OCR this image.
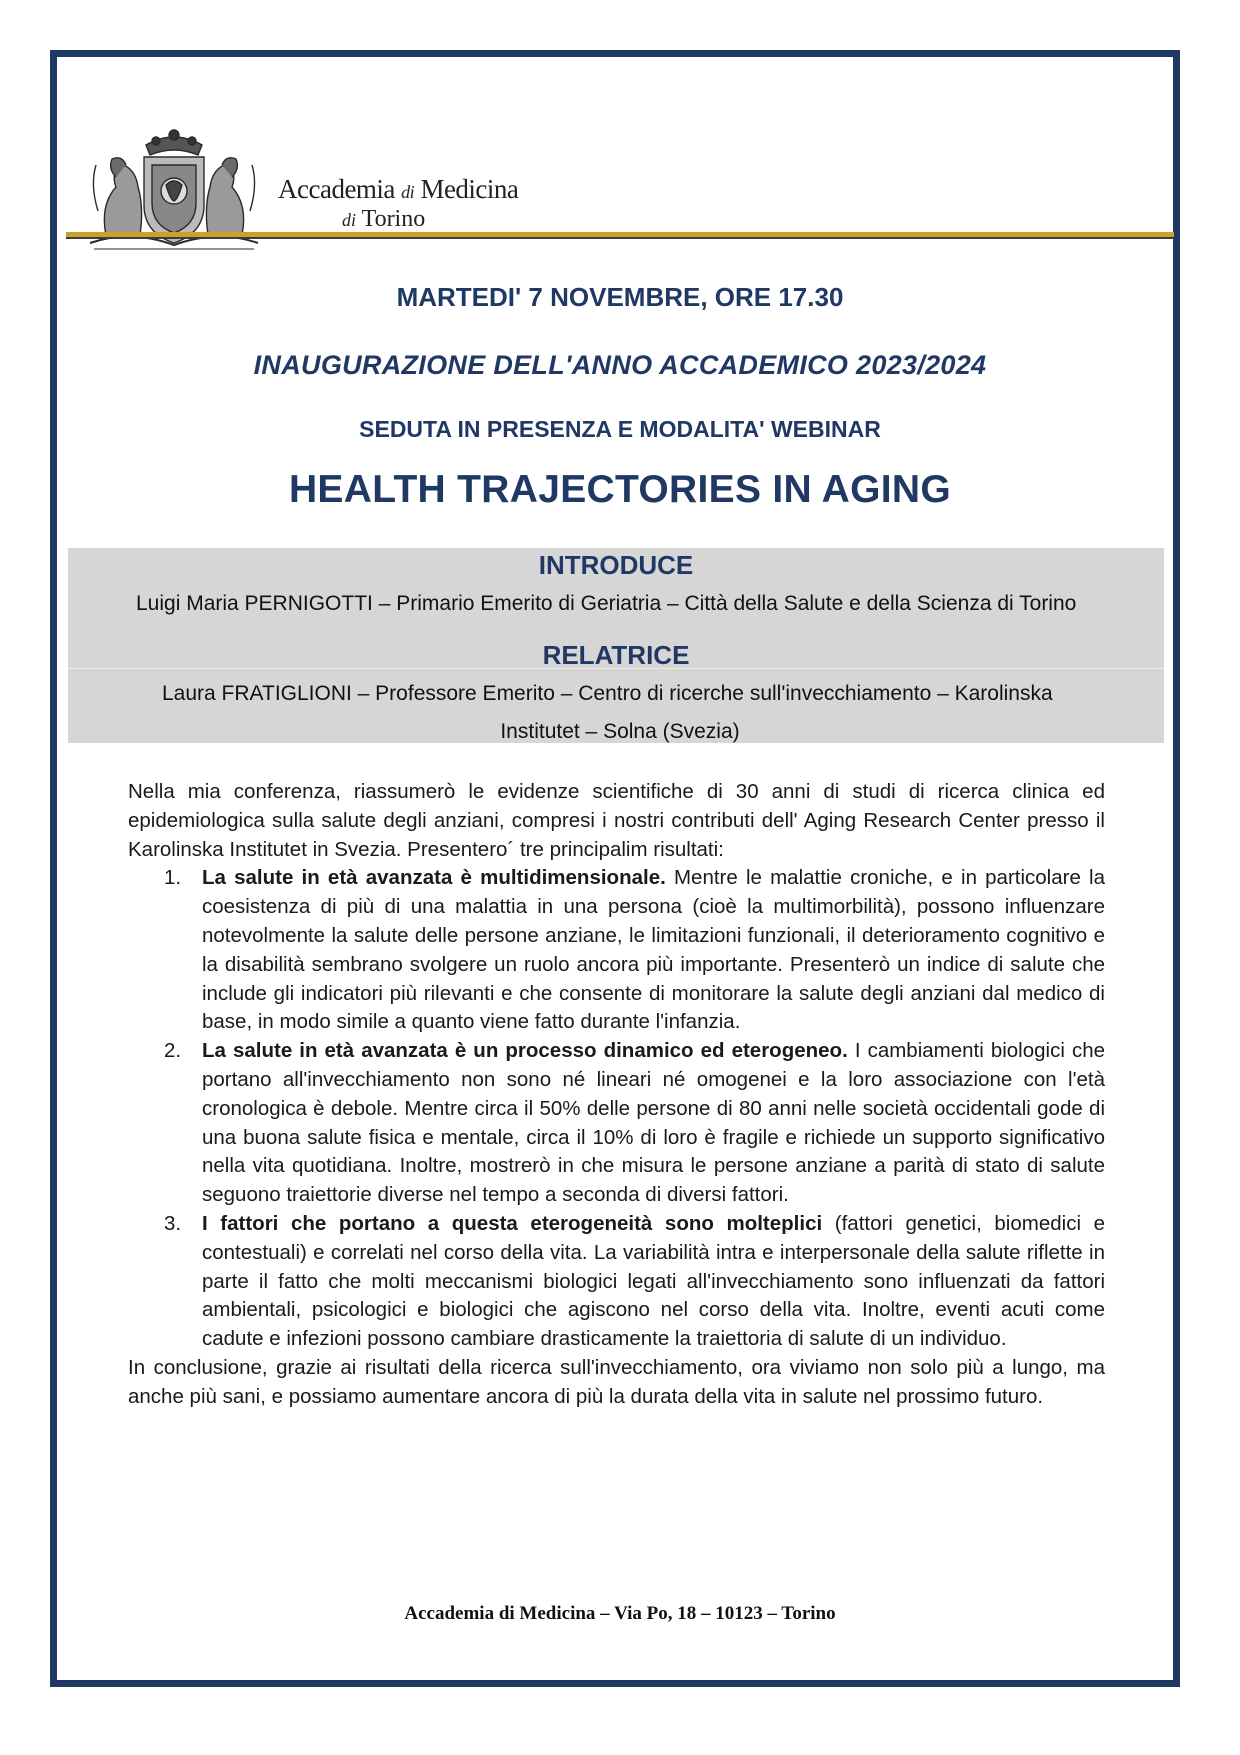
Accademia di Medicina
di Torino
MARTEDI' 7 NOVEMBRE, ORE 17.30
INAUGURAZIONE DELL'ANNO ACCADEMICO 2023/2024
SEDUTA IN PRESENZA E MODALITA' WEBINAR
HEALTH TRAJECTORIES IN AGING
INTRODUCE
Luigi Maria PERNIGOTTI – Primario Emerito di Geriatria – Città della Salute e della Scienza di Torino
RELATRICE
Laura FRATIGLIONI – Professore Emerito – Centro di ricerche sull'invecchiamento – Karolinska
Institutet – Solna (Svezia)

Nella mia conferenza, riassumerò le evidenze scientifiche di 30 anni di studi di ricerca clinica ed epidemiologica sulla salute degli anziani, compresi i nostri contributi dell' Aging Research Center presso il Karolinska Institutet in Svezia. Presentero´ tre principalim risultati:

1. La salute in età avanzata è multidimensionale. Mentre le malattie croniche, e in particolare la coesistenza di più di una malattia in una persona (cioè la multimorbilità), possono influenzare notevolmente la salute delle persone anziane, le limitazioni funzionali, il deterioramento cognitivo e la disabilità sembrano svolgere un ruolo ancora più importante. Presenterò un indice di salute che include gli indicatori più rilevanti e che consente di monitorare la salute degli anziani dal medico di base, in modo simile a quanto viene fatto durante l'infanzia.
2. La salute in età avanzata è un processo dinamico ed eterogeneo. I cambiamenti biologici che portano all'invecchiamento non sono né lineari né omogenei e la loro associazione con l'età cronologica è debole. Mentre circa il 50% delle persone di 80 anni nelle società occidentali gode di una buona salute fisica e mentale, circa il 10% di loro è fragile e richiede un supporto significativo nella vita quotidiana. Inoltre, mostrerò in che misura le persone anziane a parità di stato di salute seguono traiettorie diverse nel tempo a seconda di diversi fattori.
3. I fattori che portano a questa eterogeneità sono molteplici (fattori genetici, biomedici e contestuali) e correlati nel corso della vita. La variabilità intra e interpersonale della salute riflette in parte il fatto che molti meccanismi biologici legati all'invecchiamento sono influenzati da fattori ambientali, psicologici e biologici che agiscono nel corso della vita. Inoltre, eventi acuti come cadute e infezioni possono cambiare drasticamente la traiettoria di salute di un individuo.

In conclusione, grazie ai risultati della ricerca sull'invecchiamento, ora viviamo non solo più a lungo, ma anche più sani, e possiamo aumentare ancora di più la durata della vita in salute nel prossimo futuro.

Accademia di Medicina – Via Po, 18 – 10123 – Torino
